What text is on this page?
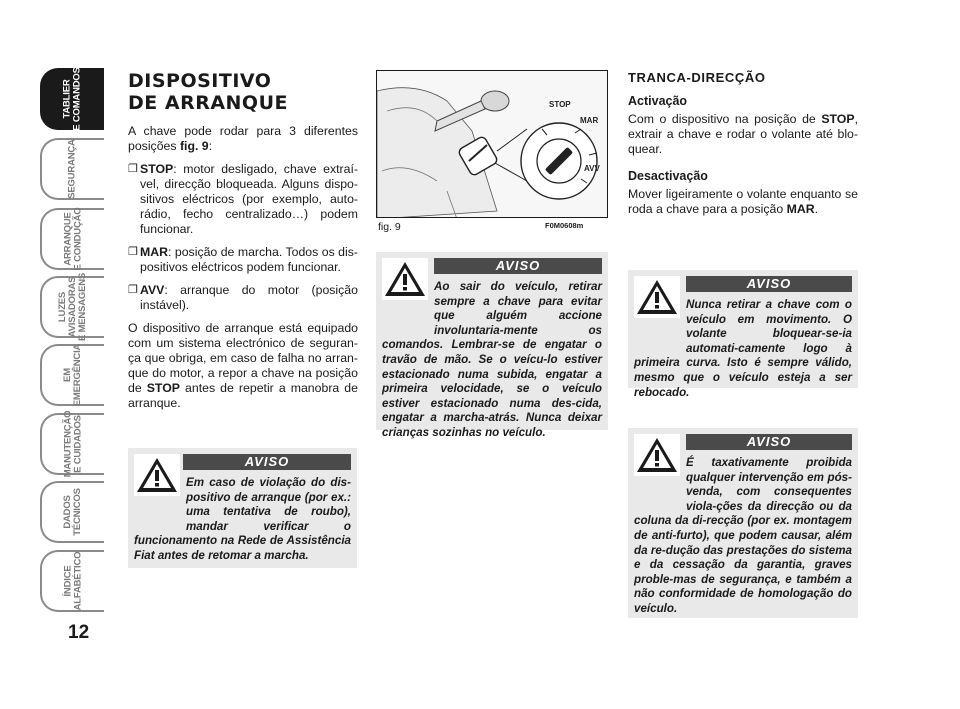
TABLIER
E COMANDOS
SEGURANÇA
ARRANQUE
E CONDUÇÃO
LUZES
AVISADORAS
E MENSAGENS
EM
EMERGÊNCIA
MANUTENÇÃO
E CUIDADOS
DADOS
TÉCNICOS
ÍNDICE
ALFABÉTICO
12
DISPOSITIVO
DE ARRANQUE

A chave pode rodar para 3 diferentes posições fig. 9:

❐ STOP: motor desligado, chave extraí-vel, direcção bloqueada. Alguns dispo-sitivos eléctricos (por exemplo, auto-rádio, fecho centralizado…) podem funcionar.
❐ MAR: posição de marcha. Todos os dis-positivos eléctricos podem funcionar.
❐ AVV: arranque do motor (posição instável).

O dispositivo de arranque está equipado com um sistema electrónico de seguran-ça que obriga, em caso de falha no arran-que do motor, a repor a chave na posição de STOP antes de repetir a manobra de arranque.

STOP
MAR
AVV
fig. 9	F0M0608m
TRANCA-DIRECÇÃO
Activação

Com o dispositivo na posição de STOP, extrair a chave e rodar o volante até blo-quear.

Desactivação

Mover ligeiramente o volante enquanto se roda a chave para a posição MAR.

AVISO
Em caso de violação do dis-positivo de arranque (por ex.: uma tentativa de roubo), mandar verificar o funcionamento na Rede de Assistência Fiat antes de retomar a marcha.
AVISO
Ao sair do veículo, retirar sempre a chave para evitar que alguém accione involuntaria-mente os comandos. Lembrar-se de engatar o travão de mão. Se o veícu-lo estiver estacionado numa subida, engatar a primeira velocidade, se o veículo estiver estacionado numa des-cida, engatar a marcha-atrás. Nunca deixar crianças sozinhas no veículo.
AVISO
Nunca retirar a chave com o veículo em movimento. O volante bloquear-se-ia automati-camente logo à primeira curva. Isto é sempre válido, mesmo que o veículo esteja a ser rebocado.
AVISO
É taxativamente proibida qualquer intervenção em pós-venda, com consequentes viola-ções da direcção ou da coluna da di-recção (por ex. montagem de anti-furto), que podem causar, além da re-dução das prestações do sistema e da cessação da garantia, graves proble-mas de segurança, e também a não conformidade de homologação do veículo.
